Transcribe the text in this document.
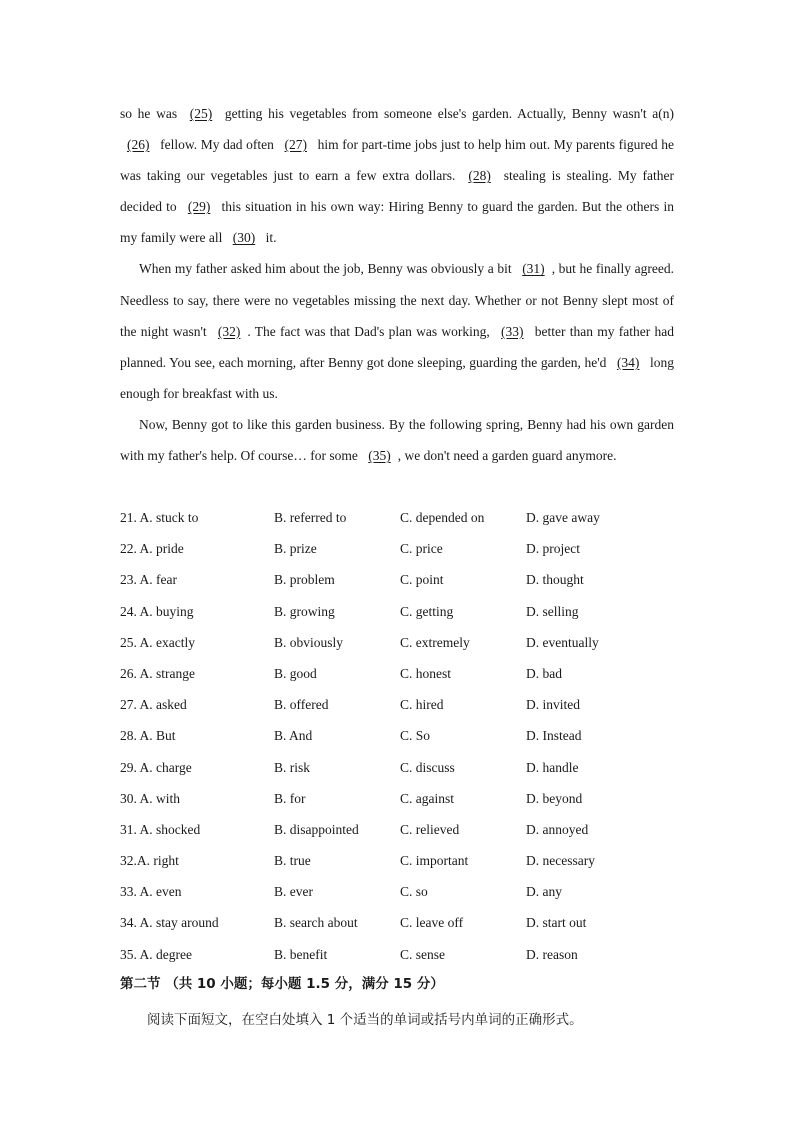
so he was (25) getting his vegetables from someone else's garden. Actually, Benny wasn't a(n) (26) fellow. My dad often (27) him for part-time jobs just to help him out. My parents figured he was taking our vegetables just to earn a few extra dollars. (28) stealing is stealing. My father decided to (29) this situation in his own way: Hiring Benny to guard the garden. But the others in my family were all (30) it.

When my father asked him about the job, Benny was obviously a bit (31) , but he finally agreed. Needless to say, there were no vegetables missing the next day. Whether or not Benny slept most of the night wasn't (32) . The fact was that Dad's plan was working, (33) better than my father had planned. You see, each morning, after Benny got done sleeping, guarding the garden, he'd (34) long enough for breakfast with us.

Now, Benny got to like this garden business. By the following spring, Benny had his own garden with my father's help. Of course… for some (35) , we don't need a garden guard anymore.

21. A. stuck to	B. referred to	C. depended on	D. gave away
22. A. pride	B. prize	C. price	D. project
23. A. fear	B. problem	C. point	D. thought
24. A. buying	B. growing	C. getting	D. selling
25. A. exactly	B. obviously	C. extremely	D. eventually
26. A. strange	B. good	C. honest	D. bad
27. A. asked	B. offered	C. hired	D. invited
28. A. But	B. And	C. So	D. Instead
29. A. charge	B. risk	C. discuss	D. handle
30. A. with	B. for	C. against	D. beyond
31. A. shocked	B. disappointed	C. relieved	D. annoyed
32.A. right	B. true	C. important	D. necessary
33. A. even	B. ever	C. so	D. any
34. A. stay around	B. search about	C. leave off	D. start out
35. A. degree	B. benefit	C. sense	D. reason
第二节 （共 10 小题；每小题 1.5 分，满分 15 分）
阅读下面短文，在空白处填入 1 个适当的单词或括号内单词的正确形式。
